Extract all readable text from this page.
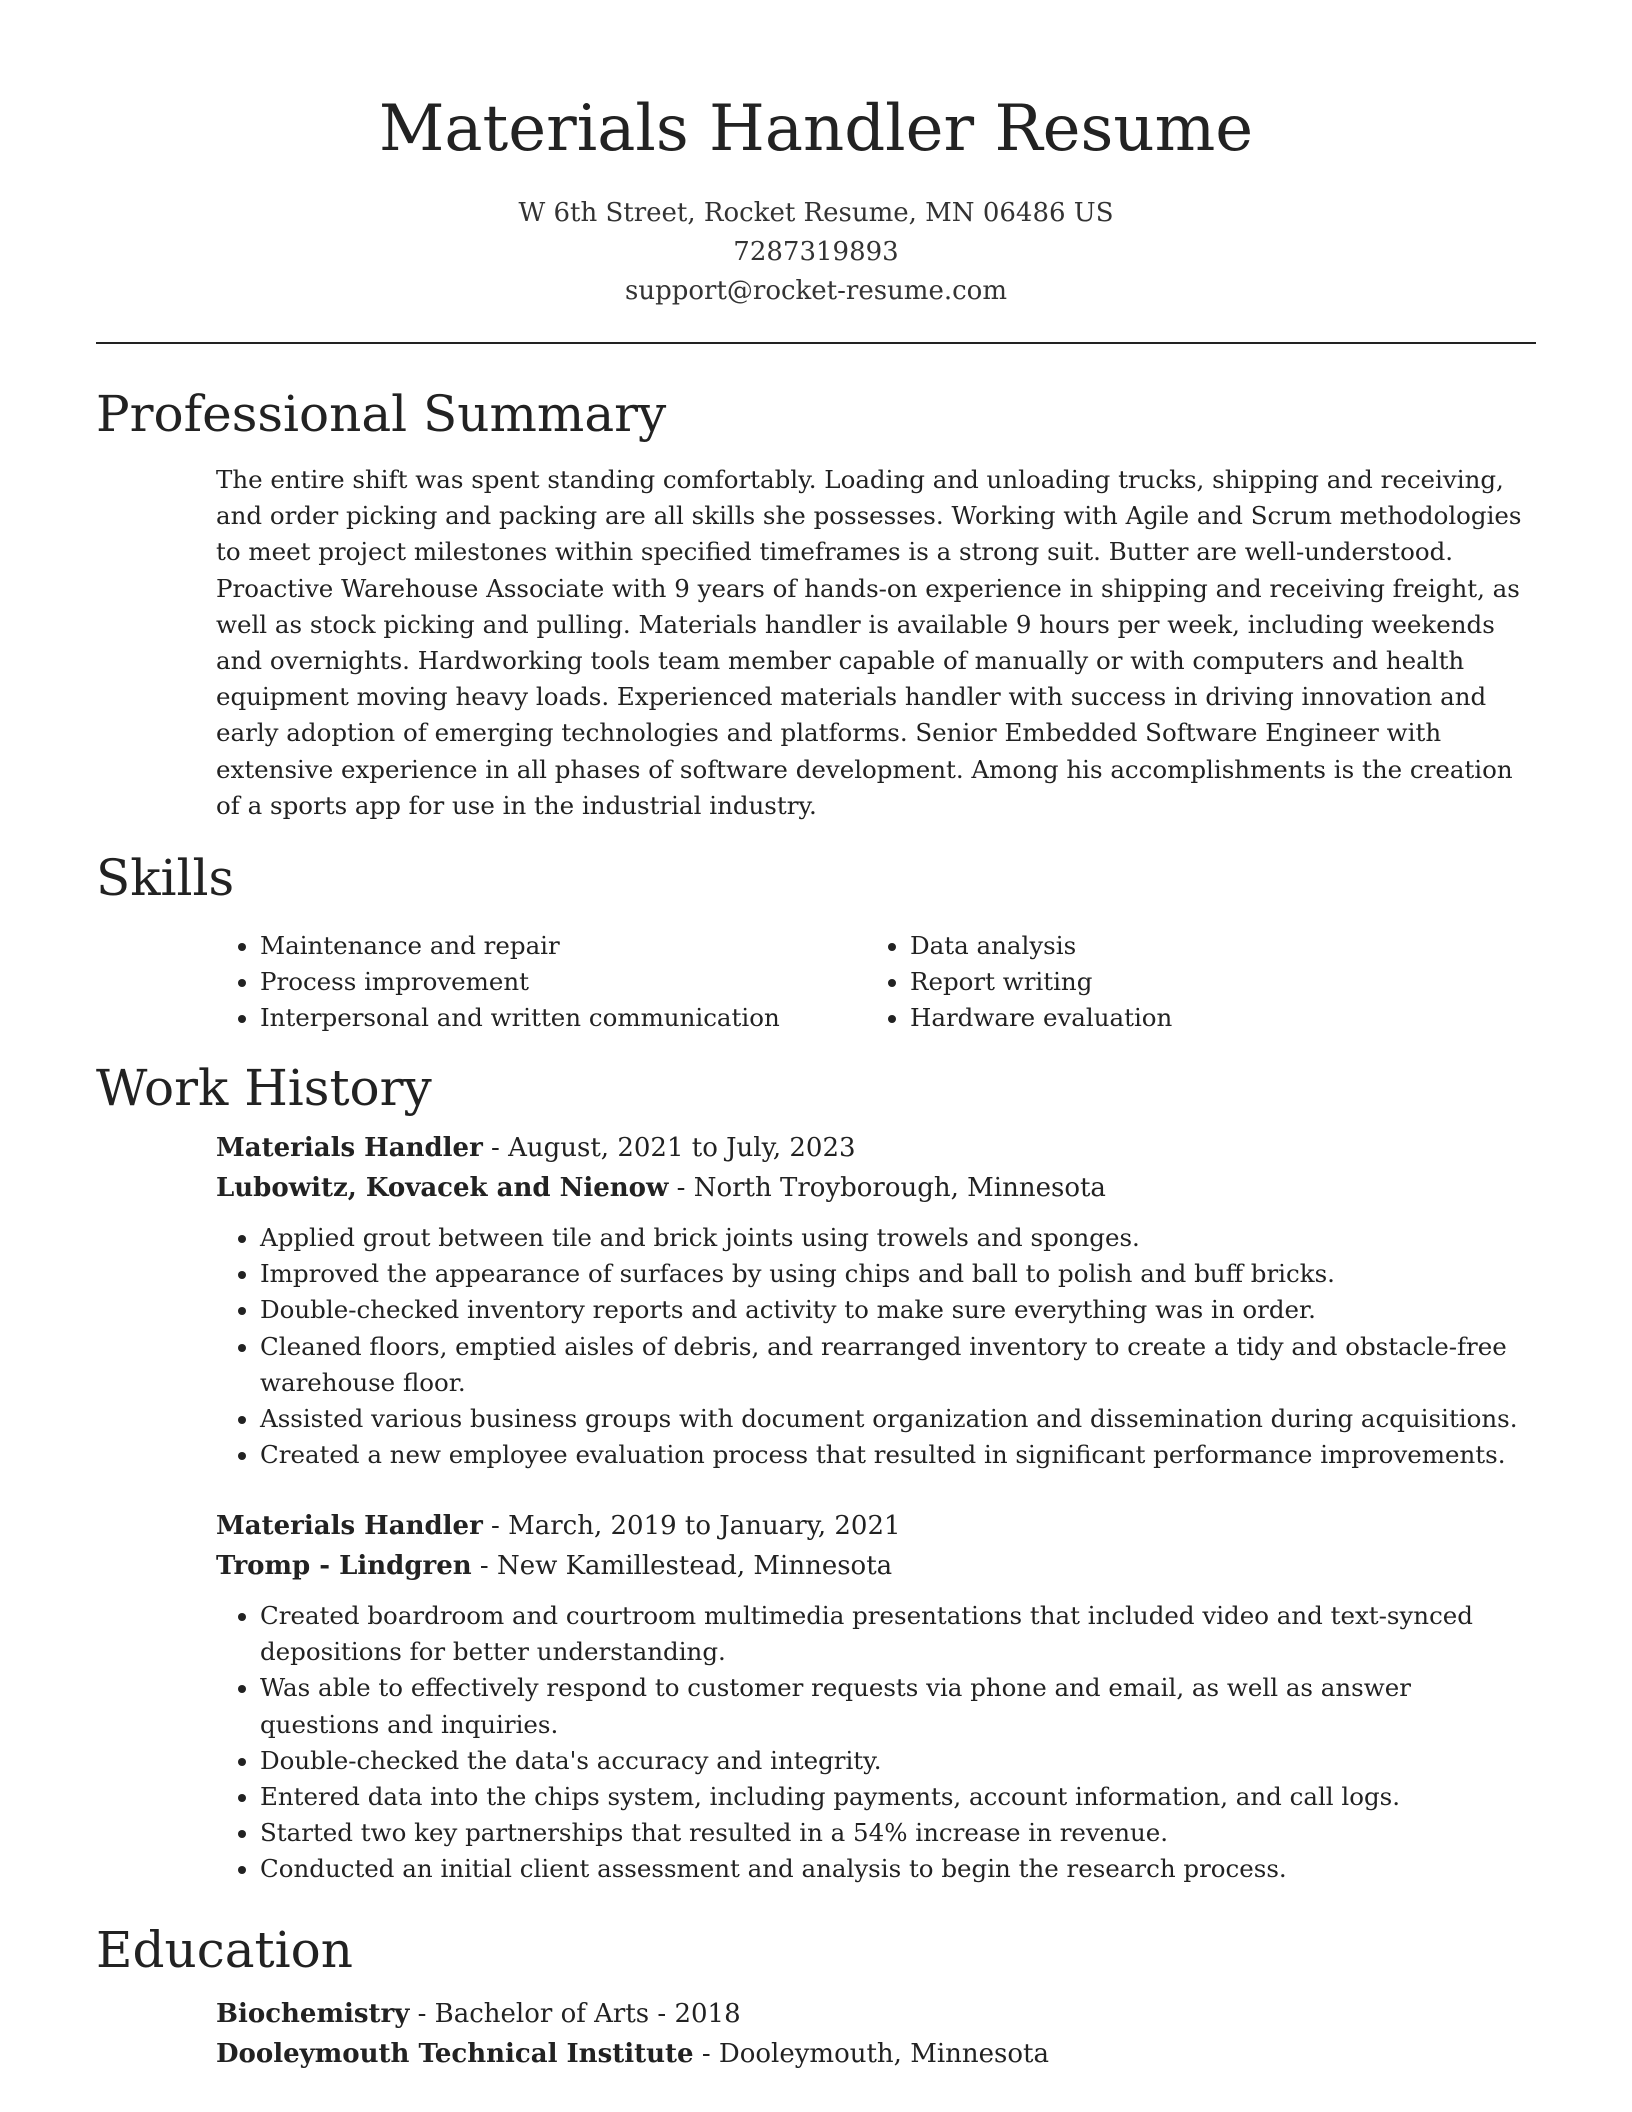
Materials Handler Resume
W 6th Street, Rocket Resume, MN 06486 US
7287319893
support@rocket-resume.com
Professional Summary

The entire shift was spent standing comfortably. Loading and unloading trucks, shipping and receiving, and order picking and packing are all skills she possesses. Working with Agile and Scrum methodologies to meet project milestones within specified timeframes is a strong suit. Butter are well-understood. Proactive Warehouse Associate with 9 years of hands-on experience in shipping and receiving freight, as well as stock picking and pulling. Materials handler is available 9 hours per week, including weekends and overnights. Hardworking tools team member capable of manually or with computers and health equipment moving heavy loads. Experienced materials handler with success in driving innovation and early adoption of emerging technologies and platforms. Senior Embedded Software Engineer with extensive experience in all phases of software development. Among his accomplishments is the creation of a sports app for use in the industrial industry.

Skills
• Maintenance and repair
• Process improvement
• Interpersonal and written communication
• Data analysis
• Report writing
• Hardware evaluation
Work History
Materials Handler - August, 2021 to July, 2023
Lubowitz, Kovacek and Nienow - North Troyborough, Minnesota
• Applied grout between tile and brick joints using trowels and sponges.
• Improved the appearance of surfaces by using chips and ball to polish and buff bricks.
• Double-checked inventory reports and activity to make sure everything was in order.
• Cleaned floors, emptied aisles of debris, and rearranged inventory to create a tidy and obstacle-free warehouse floor.
• Assisted various business groups with document organization and dissemination during acquisitions.
• Created a new employee evaluation process that resulted in significant performance improvements.
Materials Handler - March, 2019 to January, 2021
Tromp - Lindgren - New Kamillestead, Minnesota
• Created boardroom and courtroom multimedia presentations that included video and text-synced depositions for better understanding.
• Was able to effectively respond to customer requests via phone and email, as well as answer questions and inquiries.
• Double-checked the data's accuracy and integrity.
• Entered data into the chips system, including payments, account information, and call logs.
• Started two key partnerships that resulted in a 54% increase in revenue.
• Conducted an initial client assessment and analysis to begin the research process.
Education
Biochemistry - Bachelor of Arts - 2018
Dooleymouth Technical Institute - Dooleymouth, Minnesota
